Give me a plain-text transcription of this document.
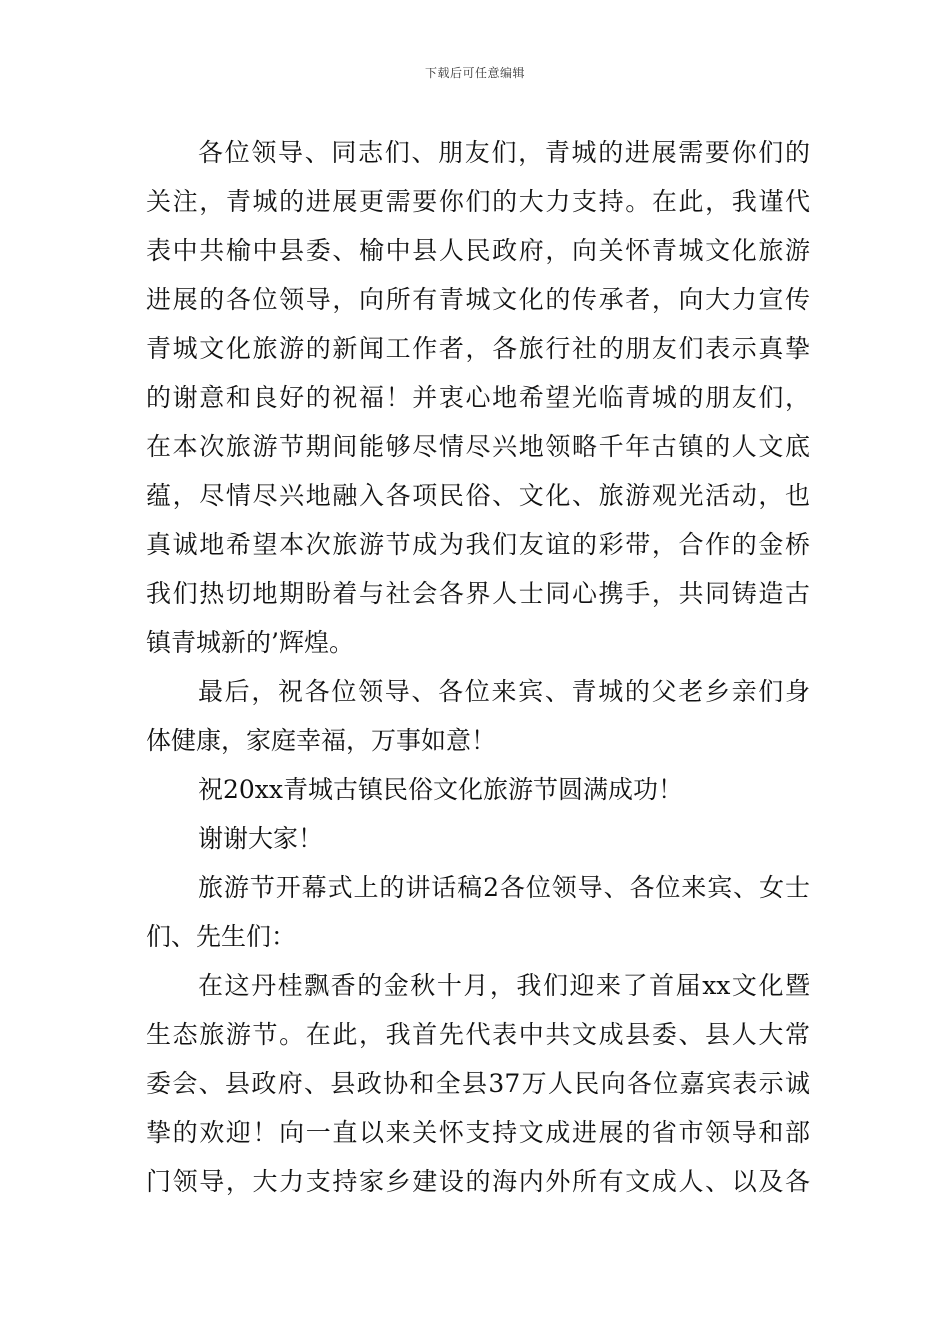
下载后可任意编辑
各位领导、同志们、朋友们，青城的进展需要你们的
关注，青城的进展更需要你们的大力支持。在此，我谨代
表中共榆中县委、榆中县人民政府，向关怀青城文化旅游
进展的各位领导，向所有青城文化的传承者，向大力宣传
青城文化旅游的新闻工作者，各旅行社的朋友们表示真挚
的谢意和良好的祝福！并衷心地希望光临青城的朋友们，
在本次旅游节期间能够尽情尽兴地领略千年古镇的人文底
蕴，尽情尽兴地融入各项民俗、文化、旅游观光活动，也
真诚地希望本次旅游节成为我们友谊的彩带，合作的金桥
我们热切地期盼着与社会各界人士同心携手，共同铸造古
镇青城新的’辉煌。
最后，祝各位领导、各位来宾、青城的父老乡亲们身
体健康，家庭幸福，万事如意！
祝20xx青城古镇民俗文化旅游节圆满成功！
谢谢大家！
旅游节开幕式上的讲话稿2各位领导、各位来宾、女士
们、先生们：
在这丹桂飘香的金秋十月，我们迎来了首届xx文化暨
生态旅游节。在此，我首先代表中共文成县委、县人大常
委会、县政府、县政协和全县37万人民向各位嘉宾表示诚
挚的欢迎！向一直以来关怀支持文成进展的省市领导和部
门领导，大力支持家乡建设的海内外所有文成人、以及各
